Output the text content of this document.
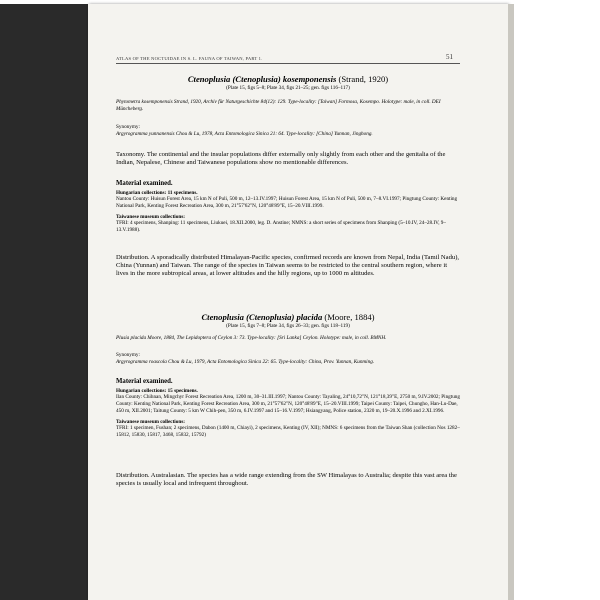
ATLAS OF THE NOCTUIDAE IN S. L. FAUNA OF TAIWAN, PART 1.	51

Ctenoplusia (Ctenoplusia) kosemponensis (Strand, 1920)

(Plate 15, figs 5–8; Plate 34, figs 21–25; gen. figs 116–117)

Phytometra kosemponensis Strand, 1920, Archiv für Naturgeschichte 84(12): 129. Type-locality: [Taiwan] Formosa, Kosempo. Holotype: male, in coll. DEI Müncheberg.

Synonymy:

Argyrogramma yunnanensis Chou & Lu, 1978, Acta Entomologica Sinica 21: 64. Type-locality: [China] Yunnan, Jinghong.

Taxonomy. The continental and the insular populations differ externally only slightly from each other and the genitalia of the Indian, Nepalese, Chinese and Taiwanese populations show no mentionable differences.

Material examined.

Hungarian collections: 11 specimens.

Nantou County: Huisun Forest Area, 15 km N of Puli, 500 m, 12–13.IV.1997; Huisun Forest Area, 15 km N of Puli, 500 m, 7–8.VI.1997; Pingtung County: Kenting National Park, Kenting Forest Recreation Area, 300 m, 21°57'62"N, 120°48'89"E, 15–20.VIII.1999.

Taiwanese museum collections:

TFRI: 4 specimens, Shanping: 11 specimens, Liukuei, 18.XII.2000, leg. D. Anstine; NMNS: a short series of specimens from Shanping (5–10.IV, 24–28.IV, 9–13.V.1988).

Distribution. A sporadically distributed Himalayan-Pacific species, confirmed records are known from Nepal, India (Tamil Nadu), China (Yunnan) and Taiwan. The range of the species in Taiwan seems to be restricted to the central southern region, where it lives in the more subtropical areas, at lower altitudes and the hilly regions, up to 1000 m altitudes.

Ctenoplusia (Ctenoplusia) placida (Moore, 1884)

(Plate 15, figs 7–8; Plate 34, figs 26–33; gen. figs 118–119)

Plusia placida Moore, 1884, The Lepidoptera of Ceylon 3: 73. Type-locality: [Sri Lanka] Ceylon. Holotype: male, in coll. BMNH.

Synonymy:

Argyrogramma roascola Chou & Lu, 1979, Acta Entomologica Sinica 22: 65. Type-locality: China, Prov. Yunnan, Kunming.

Material examined.

Hungarian collections: 15 specimens.

Ilan County: Chihnan, Mingchyr Forest Recreation Area, 1200 m, 30–31.III.1997; Nantou County: Tayaling, 24°10,72"N, 121°18,39"E, 2750 m, 9.IV.2002; Pingtung County: Kenting National Park, Kenting Forest Recreation Area, 300 m, 21°57'62"N, 120°48'89"E, 15–20.VIII.1999; Taipei County: Taipei, Chungho, Han-Lu-Dae, 450 m, XII.2001; Taitung County: 5 km W Chih-pen, 350 m, 6.IV.1997 and 15–16.V.1997; Hsiangyang, Police station, 2320 m, 19–20.X.1996 and 2.XI.1996.

Taiwanese museum collections:

TFRI: 1 specimen, Fushan; 2 specimens, Dabon (1400 m, Chiayi), 2 specimens, Kenting (IV, XII); NMNS: 6 specimens from the Taiwan Shan (collection Nos 1282–15812, 15830, 15817, 3468, 15832, 15792)

Distribution. Australasian. The species has a wide range extending from the SW Himalayas to Australia; despite this vast area the species is usually local and infrequent throughout.
